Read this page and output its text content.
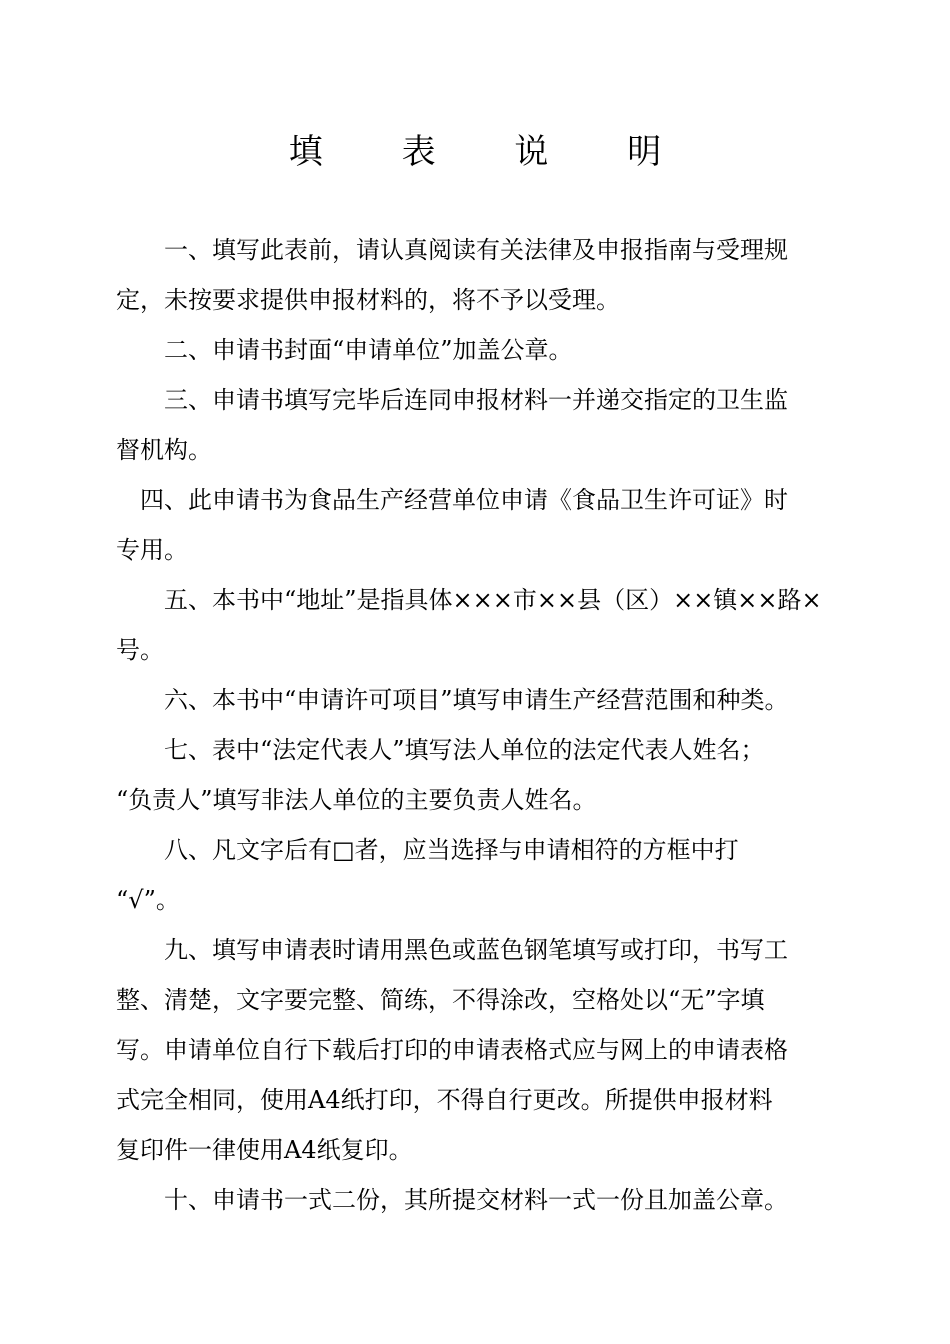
填 表 说 明
　　一、填写此表前，请认真阅读有关法律及申报指南与受理规
定，未按要求提供申报材料的，将不予以受理。
　　二、申请书封面“申请单位”加盖公章。
　　三、申请书填写完毕后连同申报材料一并递交指定的卫生监
督机构。
　四、此申请书为食品生产经营单位申请《食品卫生许可证》时
专用。
　　五、本书中“地址”是指具体×××市××县（区）××镇××路×
号。
　　六、本书中“申请许可项目”填写申请生产经营范围和种类。
　　七、表中“法定代表人”填写法人单位的法定代表人姓名；
“负责人”填写非法人单位的主要负责人姓名。
　　八、凡文字后有□者，应当选择与申请相符的方框中打
“√”。
　　九、填写申请表时请用黑色或蓝色钢笔填写或打印，书写工
整、清楚，文字要完整、简练，不得涂改，空格处以“无”字填
写。申请单位自行下载后打印的申请表格式应与网上的申请表格
式完全相同，使用A4纸打印，不得自行更改。所提供申报材料
复印件一律使用A4纸复印。
　　十、申请书一式二份，其所提交材料一式一份且加盖公章。
